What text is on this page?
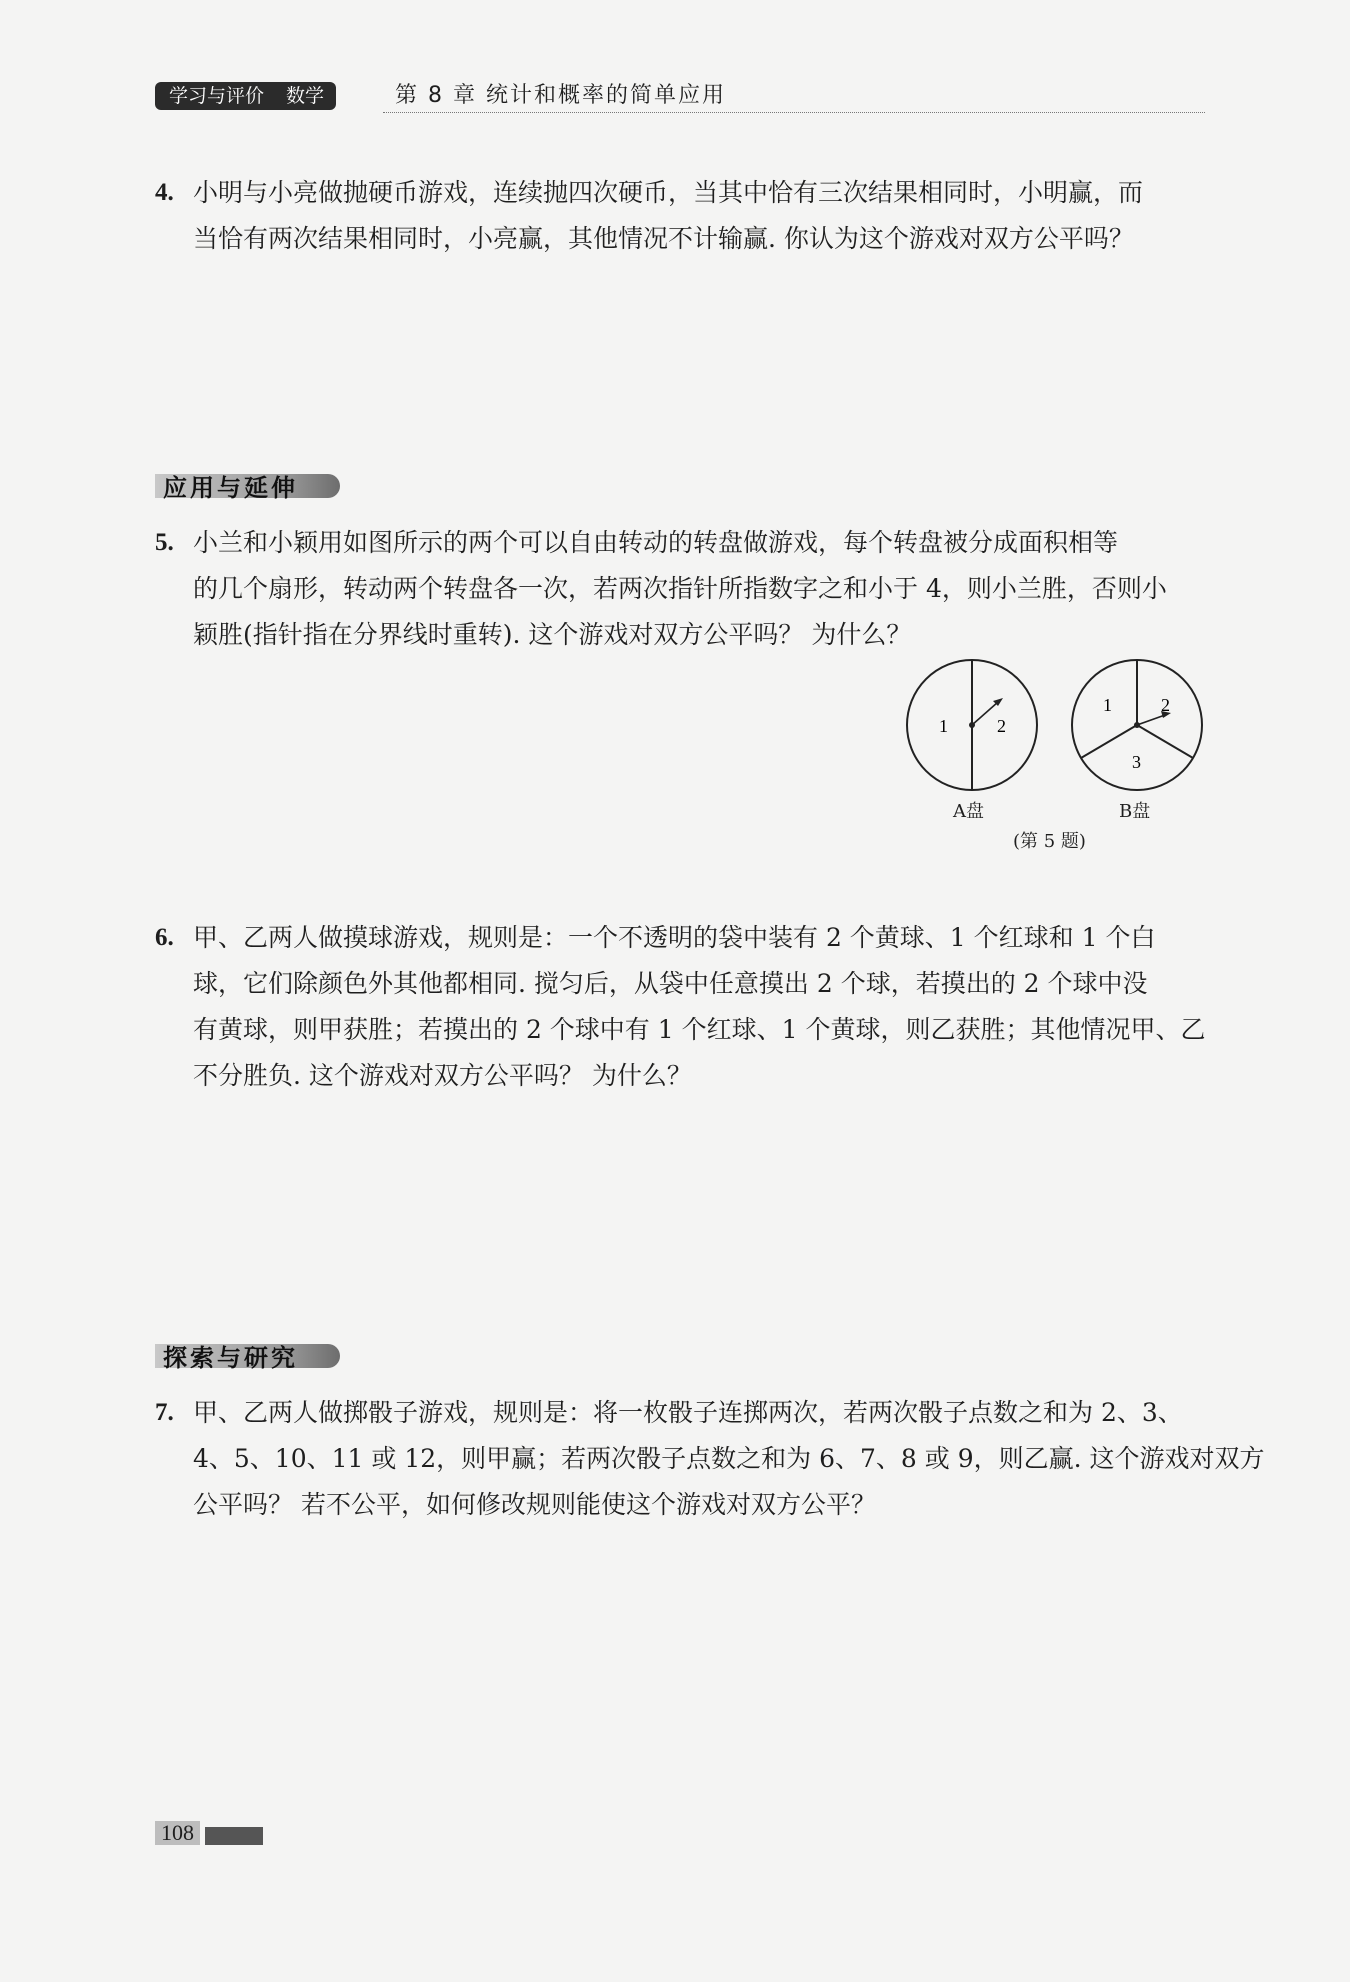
学习与评价 数学	第 8 章 统计和概率的简单应用
4. 小明与小亮做抛硬币游戏，连续抛四次硬币，当其中恰有三次结果相同时，小明赢，而
当恰有两次结果相同时，小亮赢，其他情况不计输赢. 你认为这个游戏对双方公平吗？
应用与延伸
5. 小兰和小颖用如图所示的两个可以自由转动的转盘做游戏，每个转盘被分成面积相等
的几个扇形，转动两个转盘各一次，若两次指针所指数字之和小于 4，则小兰胜，否则小
颖胜(指针指在分界线时重转). 这个游戏对双方公平吗？ 为什么？
1	2
1	2
3
A盘	B盘
(第 5 题)
6. 甲、乙两人做摸球游戏，规则是：一个不透明的袋中装有 2 个黄球、1 个红球和 1 个白
球，它们除颜色外其他都相同. 搅匀后，从袋中任意摸出 2 个球，若摸出的 2 个球中没
有黄球，则甲获胜；若摸出的 2 个球中有 1 个红球、1 个黄球，则乙获胜；其他情况甲、乙
不分胜负. 这个游戏对双方公平吗？ 为什么？
探索与研究
7. 甲、乙两人做掷骰子游戏，规则是：将一枚骰子连掷两次，若两次骰子点数之和为 2、3、
4、5、10、11 或 12，则甲赢；若两次骰子点数之和为 6、7、8 或 9，则乙赢. 这个游戏对双方
公平吗？ 若不公平，如何修改规则能使这个游戏对双方公平？
108
